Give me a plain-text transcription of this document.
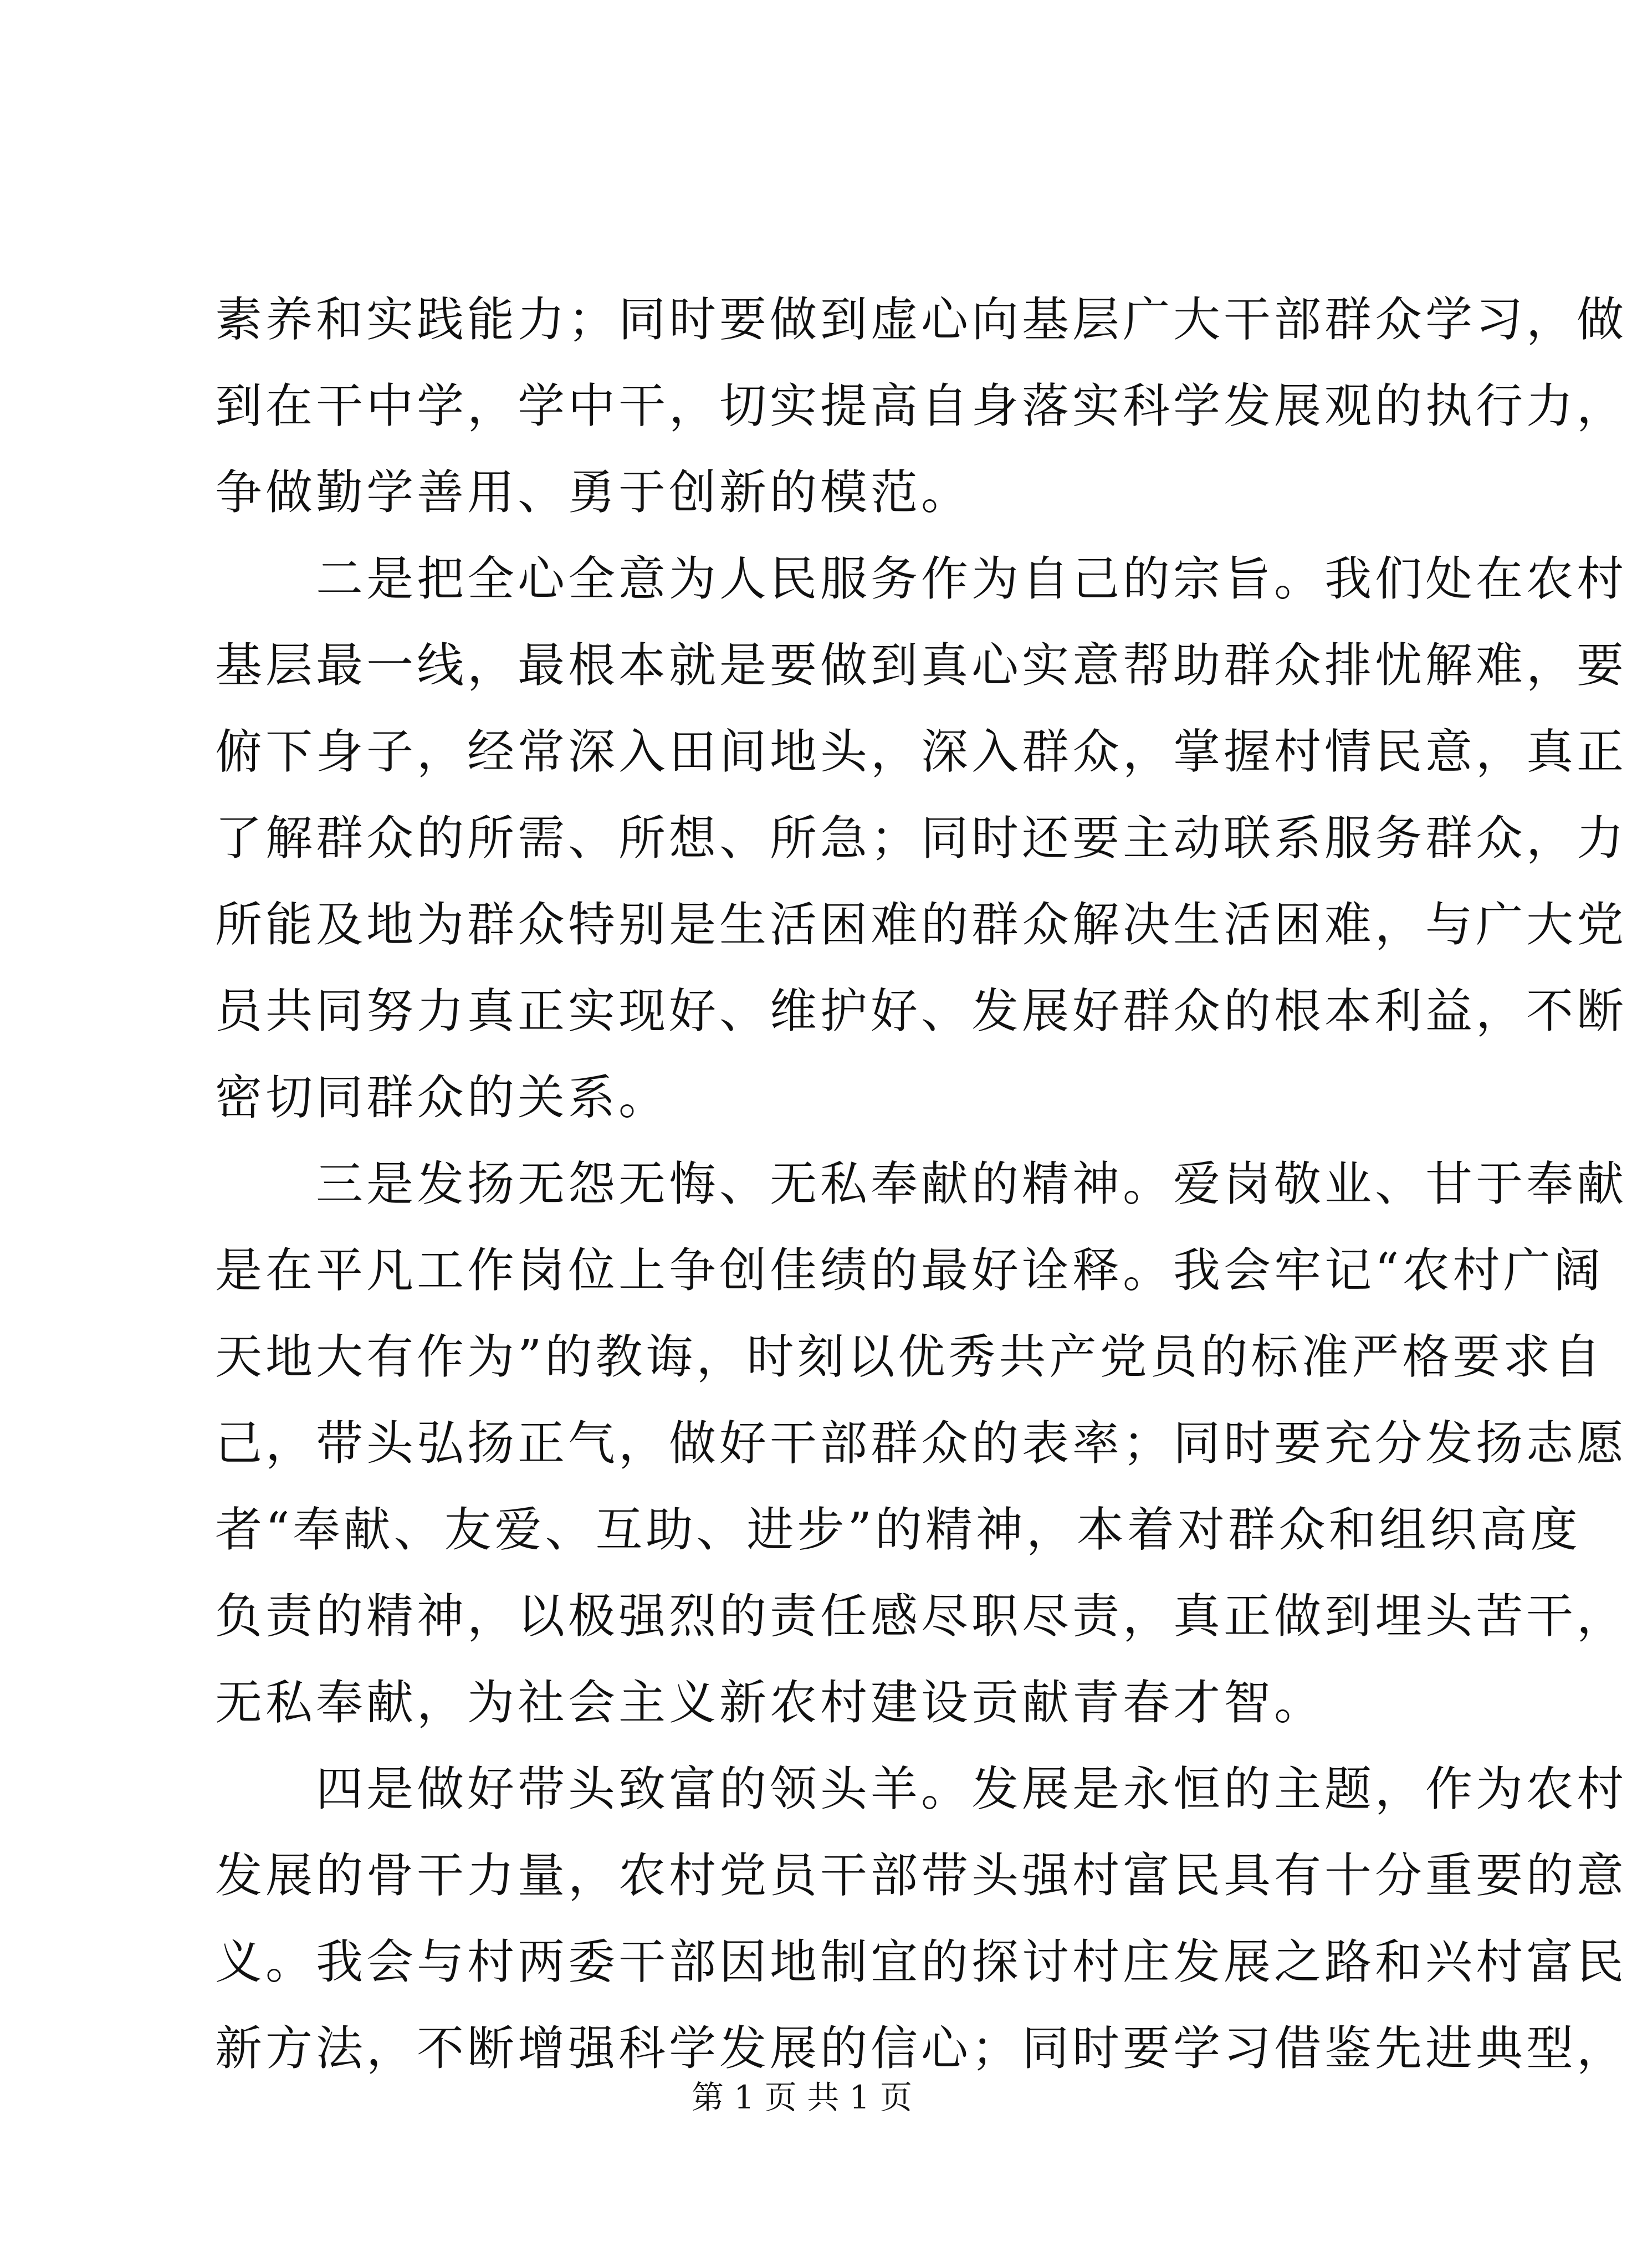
素养和实践能力；同时要做到虚心向基层广大干部群众学习，做
到在干中学，学中干，切实提高自身落实科学发展观的执行力，
争做勤学善用、勇于创新的模范。
二是把全心全意为人民服务作为自己的宗旨。我们处在农村
基层最一线，最根本就是要做到真心实意帮助群众排忧解难，要
俯下身子，经常深入田间地头，深入群众，掌握村情民意，真正
了解群众的所需、所想、所急；同时还要主动联系服务群众，力
所能及地为群众特别是生活困难的群众解决生活困难，与广大党
员共同努力真正实现好、维护好、发展好群众的根本利益，不断
密切同群众的关系。
三是发扬无怨无悔、无私奉献的精神。爱岗敬业、甘于奉献
是在平凡工作岗位上争创佳绩的最好诠释。我会牢记“农村广阔
天地大有作为”的教诲，时刻以优秀共产党员的标准严格要求自
己，带头弘扬正气，做好干部群众的表率；同时要充分发扬志愿
者“奉献、友爱、互助、进步”的精神，本着对群众和组织高度
负责的精神，以极强烈的责任感尽职尽责，真正做到埋头苦干，
无私奉献，为社会主义新农村建设贡献青春才智。
四是做好带头致富的领头羊。发展是永恒的主题，作为农村
发展的骨干力量，农村党员干部带头强村富民具有十分重要的意
义。我会与村两委干部因地制宜的探讨村庄发展之路和兴村富民
新方法，不断增强科学发展的信心；同时要学习借鉴先进典型，
第 1 页 共 1 页
